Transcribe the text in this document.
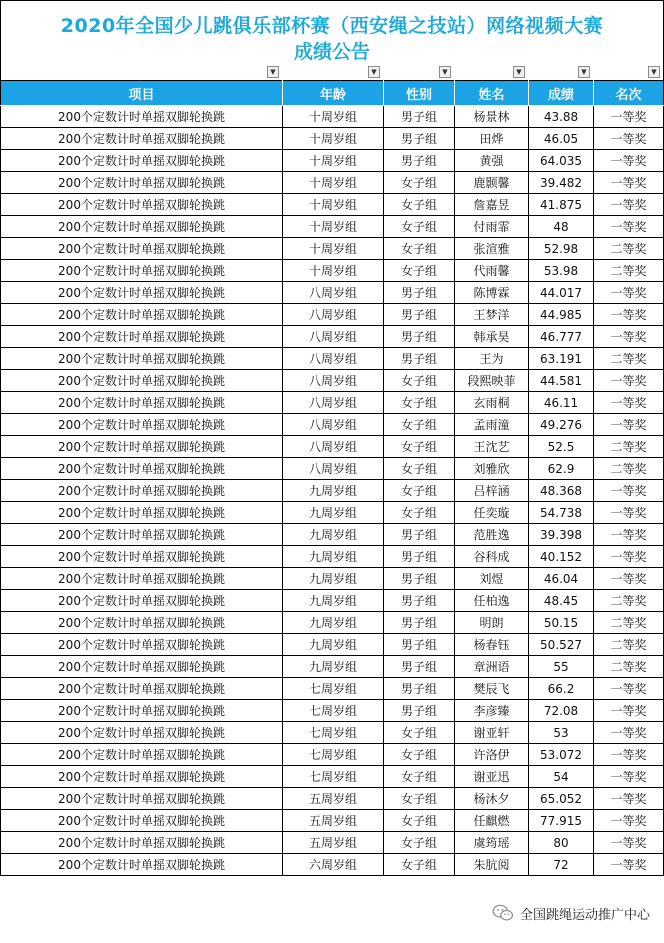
2020年全国少儿跳俱乐部杯赛（西安绳之技站）网络视频大赛
成绩公告
▼	▼	▼	▼	▼	▼
项目	年龄	性别	姓名	成绩	名次
200个定数计时单摇双脚轮换跳	十周岁组	男子组	杨景林	43.88	一等奖
200个定数计时单摇双脚轮换跳	十周岁组	男子组	田烨	46.05	一等奖
200个定数计时单摇双脚轮换跳	十周岁组	男子组	黄强	64.035	一等奖
200个定数计时单摇双脚轮换跳	十周岁组	女子组	鹿颢馨	39.482	一等奖
200个定数计时单摇双脚轮换跳	十周岁组	女子组	詹嘉昱	41.875	一等奖
200个定数计时单摇双脚轮换跳	十周岁组	女子组	付雨霏	48	一等奖
200个定数计时单摇双脚轮换跳	十周岁组	女子组	张渲雅	52.98	二等奖
200个定数计时单摇双脚轮换跳	十周岁组	女子组	代雨馨	53.98	二等奖
200个定数计时单摇双脚轮换跳	八周岁组	男子组	陈博霖	44.017	一等奖
200个定数计时单摇双脚轮换跳	八周岁组	男子组	王梦洋	44.985	一等奖
200个定数计时单摇双脚轮换跳	八周岁组	男子组	韩承昊	46.777	一等奖
200个定数计时单摇双脚轮换跳	八周岁组	男子组	王为	63.191	二等奖
200个定数计时单摇双脚轮换跳	八周岁组	女子组	段熙映菲	44.581	一等奖
200个定数计时单摇双脚轮换跳	八周岁组	女子组	玄雨桐	46.11	一等奖
200个定数计时单摇双脚轮换跳	八周岁组	女子组	孟雨潼	49.276	一等奖
200个定数计时单摇双脚轮换跳	八周岁组	女子组	王沈艺	52.5	二等奖
200个定数计时单摇双脚轮换跳	八周岁组	女子组	刘雅欣	62.9	二等奖
200个定数计时单摇双脚轮换跳	九周岁组	女子组	吕梓涵	48.368	一等奖
200个定数计时单摇双脚轮换跳	九周岁组	女子组	任奕璇	54.738	一等奖
200个定数计时单摇双脚轮换跳	九周岁组	男子组	范胜逸	39.398	一等奖
200个定数计时单摇双脚轮换跳	九周岁组	男子组	谷科成	40.152	一等奖
200个定数计时单摇双脚轮换跳	九周岁组	男子组	刘煜	46.04	一等奖
200个定数计时单摇双脚轮换跳	九周岁组	男子组	任柏逸	48.45	二等奖
200个定数计时单摇双脚轮换跳	九周岁组	男子组	明朗	50.15	二等奖
200个定数计时单摇双脚轮换跳	九周岁组	男子组	杨春钰	50.527	二等奖
200个定数计时单摇双脚轮换跳	九周岁组	男子组	章洲语	55	二等奖
200个定数计时单摇双脚轮换跳	七周岁组	男子组	樊辰飞	66.2	一等奖
200个定数计时单摇双脚轮换跳	七周岁组	男子组	李彦臻	72.08	一等奖
200个定数计时单摇双脚轮换跳	七周岁组	女子组	谢亚轩	53	一等奖
200个定数计时单摇双脚轮换跳	七周岁组	女子组	许洛伊	53.072	一等奖
200个定数计时单摇双脚轮换跳	七周岁组	女子组	谢亚迅	54	一等奖
200个定数计时单摇双脚轮换跳	五周岁组	女子组	杨沐夕	65.052	一等奖
200个定数计时单摇双脚轮换跳	五周岁组	女子组	任麒燃	77.915	一等奖
200个定数计时单摇双脚轮换跳	五周岁组	女子组	虞筠瑶	80	一等奖
200个定数计时单摇双脚轮换跳	六周岁组	女子组	朱肮阅	72	一等奖
全国跳绳运动推广中心
